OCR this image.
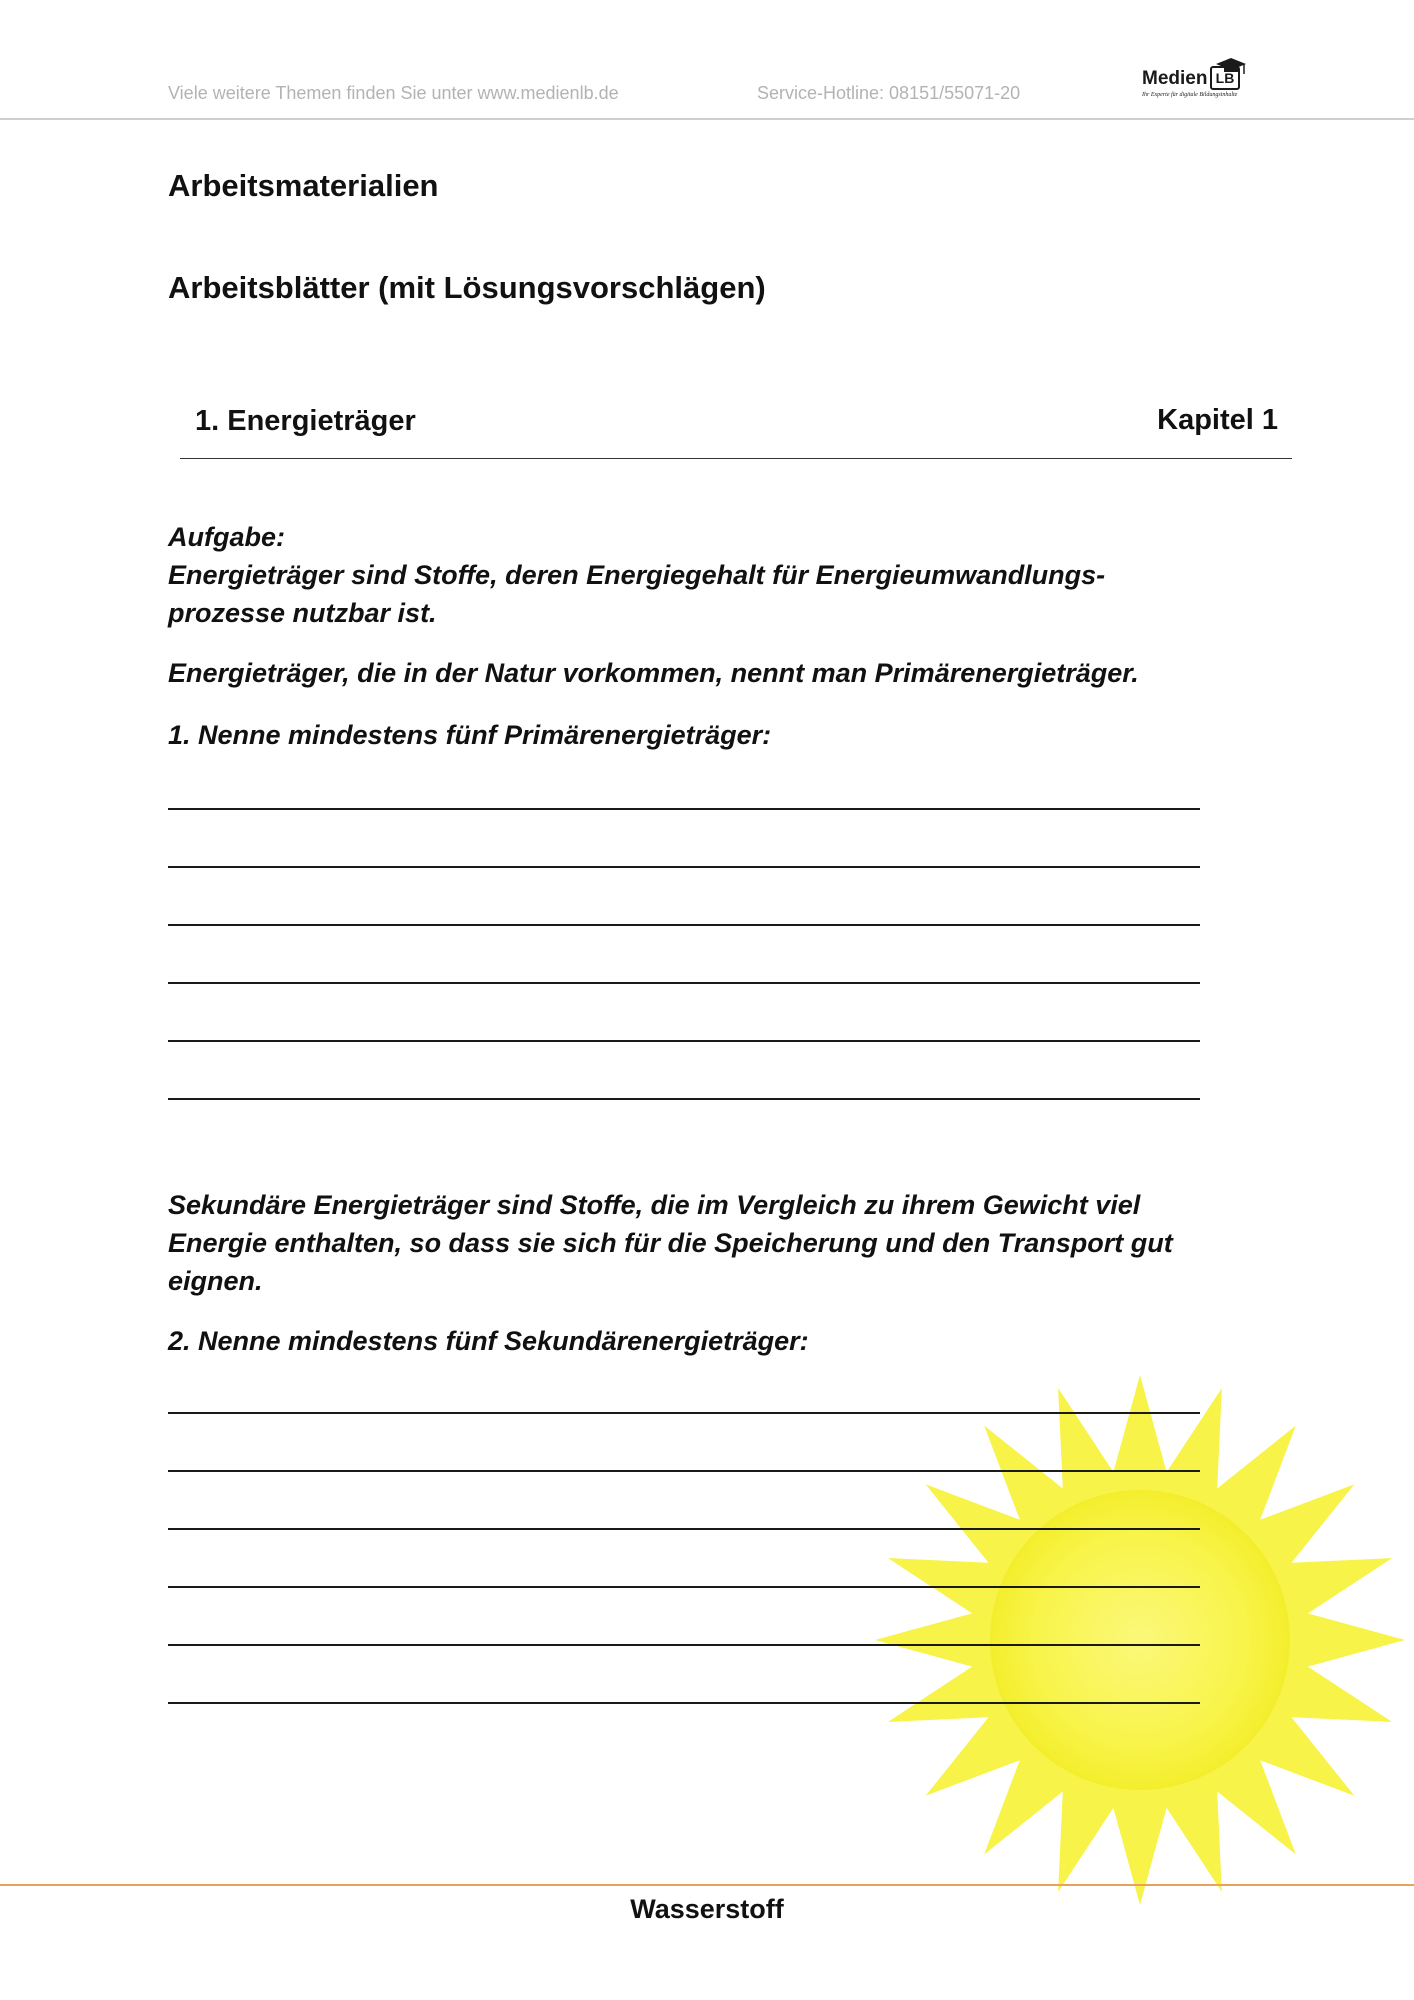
Viele weitere Themen finden Sie unter www.medienlb.de	Service-Hotline: 08151/55071-20
Medien LB
Ihr Experte für digitale Bildungsinhalte
Arbeitsmaterialien
Arbeitsblätter (mit Lösungsvorschlägen)
1. Energieträger	Kapitel 1
Aufgabe:
Energieträger sind Stoffe, deren Energiegehalt für Energieumwandlungs-
prozesse nutzbar ist.
Energieträger, die in der Natur vorkommen, nennt man Primärenergieträger.
1. Nenne mindestens fünf Primärenergieträger:
Sekundäre Energieträger sind Stoffe, die im Vergleich zu ihrem Gewicht viel
Energie enthalten, so dass sie sich für die Speicherung und den Transport gut
eignen.
2. Nenne mindestens fünf Sekundärenergieträger:
Wasserstoff
